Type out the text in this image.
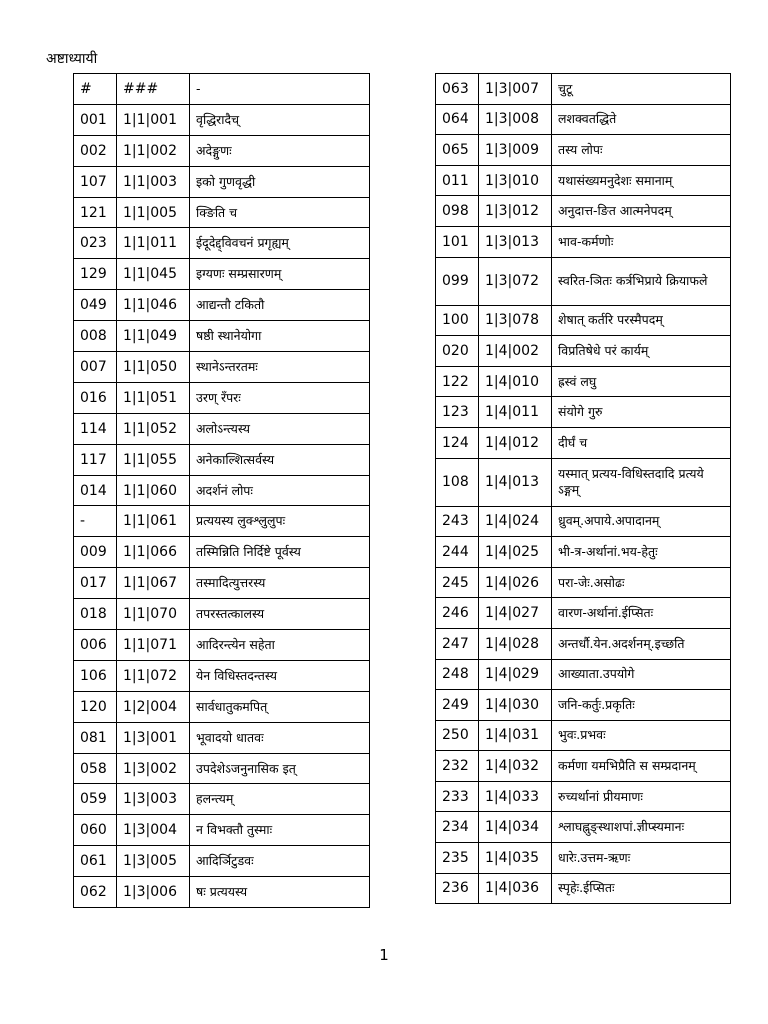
अष्टाध्यायी
#	###	-
001	1|1|001	वृद्धिरादैच्
002	1|1|002	अदेङ्गुणः
107	1|1|003	इको गुणवृद्धी
121	1|1|005	क्ङिति च
023	1|1|011	ईदूदेद्द्विवचनं प्रगृह्यम्
129	1|1|045	इग्यणः सम्प्रसारणम्
049	1|1|046	आद्यन्तौ टकितौ
008	1|1|049	षष्ठी स्थानेयोगा
007	1|1|050	स्थानेऽन्तरतमः
016	1|1|051	उरण् रँपरः
114	1|1|052	अलोऽन्त्यस्य
117	1|1|055	अनेकाल्शित्सर्वस्य
014	1|1|060	अदर्शनं लोपः
-	1|1|061	प्रत्ययस्य लुक्श्लुलुपः
009	1|1|066	तस्मिन्निति निर्दिष्टे पूर्वस्य
017	1|1|067	तस्मादित्युत्तरस्य
018	1|1|070	तपरस्तत्कालस्य
006	1|1|071	आदिरन्त्येन सहेता
106	1|1|072	येन विधिस्तदन्तस्य
120	1|2|004	सार्वधातुकमपित्
081	1|3|001	भूवादयो धातवः
058	1|3|002	उपदेशेऽजनुनासिक इत्
059	1|3|003	हलन्त्यम्
060	1|3|004	न विभक्तौ तुस्माः
061	1|3|005	आदिर्ञिटुडवः
062	1|3|006	षः प्रत्ययस्य
063	1|3|007	चुटू
064	1|3|008	लशक्वतद्धिते
065	1|3|009	तस्य लोपः
011	1|3|010	यथासंख्यमनुदेशः समानाम्
098	1|3|012	अनुदात्त-ङित आत्मनेपदम्
101	1|3|013	भाव-कर्मणोः
099	1|3|072	स्वरित-ञितः कर्त्रभिप्राये क्रियाफले
100	1|3|078	शेषात् कर्तरि परस्मैपदम्
020	1|4|002	विप्रतिषेधे परं कार्यम्
122	1|4|010	ह्रस्वं लघु
123	1|4|011	संयोगे गुरु
124	1|4|012	दीर्घं च
108	1|4|013	यस्मात् प्रत्यय-विधिस्तदादि प्रत्यये ऽङ्गम्
243	1|4|024	ध्रुवम्.अपाये.अपादानम्
244	1|4|025	भी-त्र-अर्थानां.भय-हेतुः
245	1|4|026	परा-जेः.असोढः
246	1|4|027	वारण-अर्थानां.ईप्सितः
247	1|4|028	अन्तर्धौ.येन.अदर्शनम्.इच्छति
248	1|4|029	आख्याता.उपयोगे
249	1|4|030	जनि-कर्तुः.प्रकृतिः
250	1|4|031	भुवः.प्रभवः
232	1|4|032	कर्मणा यमभिप्रैति स सम्प्रदानम्
233	1|4|033	रुच्यर्थानां प्रीयमाणः
234	1|4|034	श्लाघह्नुङ्स्थाशपां.ज्ञीप्स्यमानः
235	1|4|035	धारेः.उत्तम-ऋणः
236	1|4|036	स्पृहेः.ईप्सितः
1
